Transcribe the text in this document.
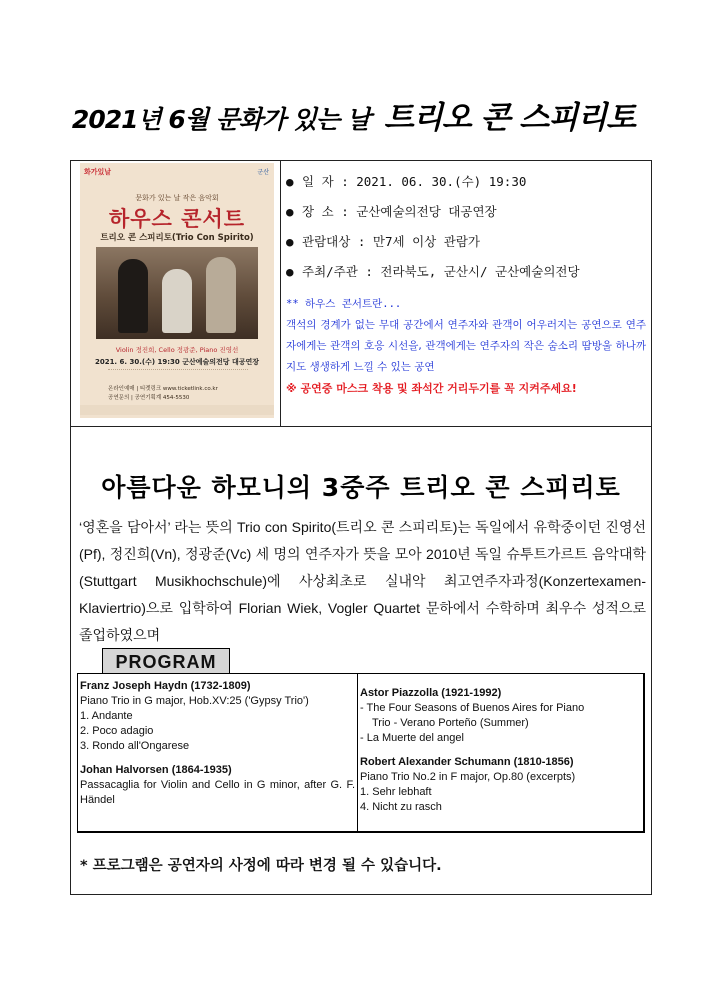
2021년 6월 문화가 있는 날 트리오 콘 스피리토
화가있날	군산
문화가 있는 날 작은 음악회
하우스 콘서트
트리오 콘 스피리토(Trio Con Spirito)
Violin 정진희, Cello 정광준, Piano 진영선
2021. 6. 30.(수) 19:30 군산예술의전당 대공연장
온라인예매 | 티켓링크 www.ticketlink.co.kr
공연문의 | 공연기획계 454-5530
● 일 자 : 2021. 06. 30.(수) 19:30
● 장 소 : 군산예술의전당 대공연장
● 관람대상 : 만7세 이상 관람가
● 주최/주관 : 전라북도, 군산시/ 군산예술의전당
** 하우스 콘서트란...
객석의 경계가 없는 무대 공간에서 연주자와 관객이 어우러지는 공연으로 연주자에게는 관객의 호응 시선을, 관객에게는 연주자의 작은 숨소리 땀방울 하나까지도 생생하게 느낄 수 있는 공연
※ 공연중 마스크 착용 및 좌석간 거리두기를 꼭 지켜주세요!
아름다운 하모니의 3중주 트리오 콘 스피리토
‘영혼을 담아서’ 라는 뜻의 Trio con Spirito(트리오 콘 스피리토)는 독일에서 유학중이던 진영선(Pf), 정진희(Vn), 정광준(Vc) 세 명의 연주자가 뜻을 모아 2010년 독일 슈투트가르트 음악대학(Stuttgart Musikhochschule)에 사상최초로 실내악 최고연주자과정(Konzertexamen- Klaviertrio)으로 입학하여 Florian Wiek, Vogler Quartet 문하에서 수학하며 최우수 성적으로 졸업하였으며
PROGRAM
Franz Joseph Haydn (1732-1809)
Piano Trio in G major, Hob.XV:25 ('Gypsy Trio')
1. Andante
2. Poco adagio
3. Rondo all'Ongarese
Johan Halvorsen (1864-1935)
Passacaglia for Violin and Cello in G minor, after G. F. Händel
Astor Piazzolla (1921-1992)
- The Four Seasons of Buenos Aires for Piano
Trio - Verano Porteño (Summer)
- La Muerte del angel
Robert Alexander Schumann (1810-1856)
Piano Trio No.2 in F major, Op.80 (excerpts)
1. Sehr lebhaft
4. Nicht zu rasch
* 프로그램은 공연자의 사정에 따라 변경 될 수 있습니다.
